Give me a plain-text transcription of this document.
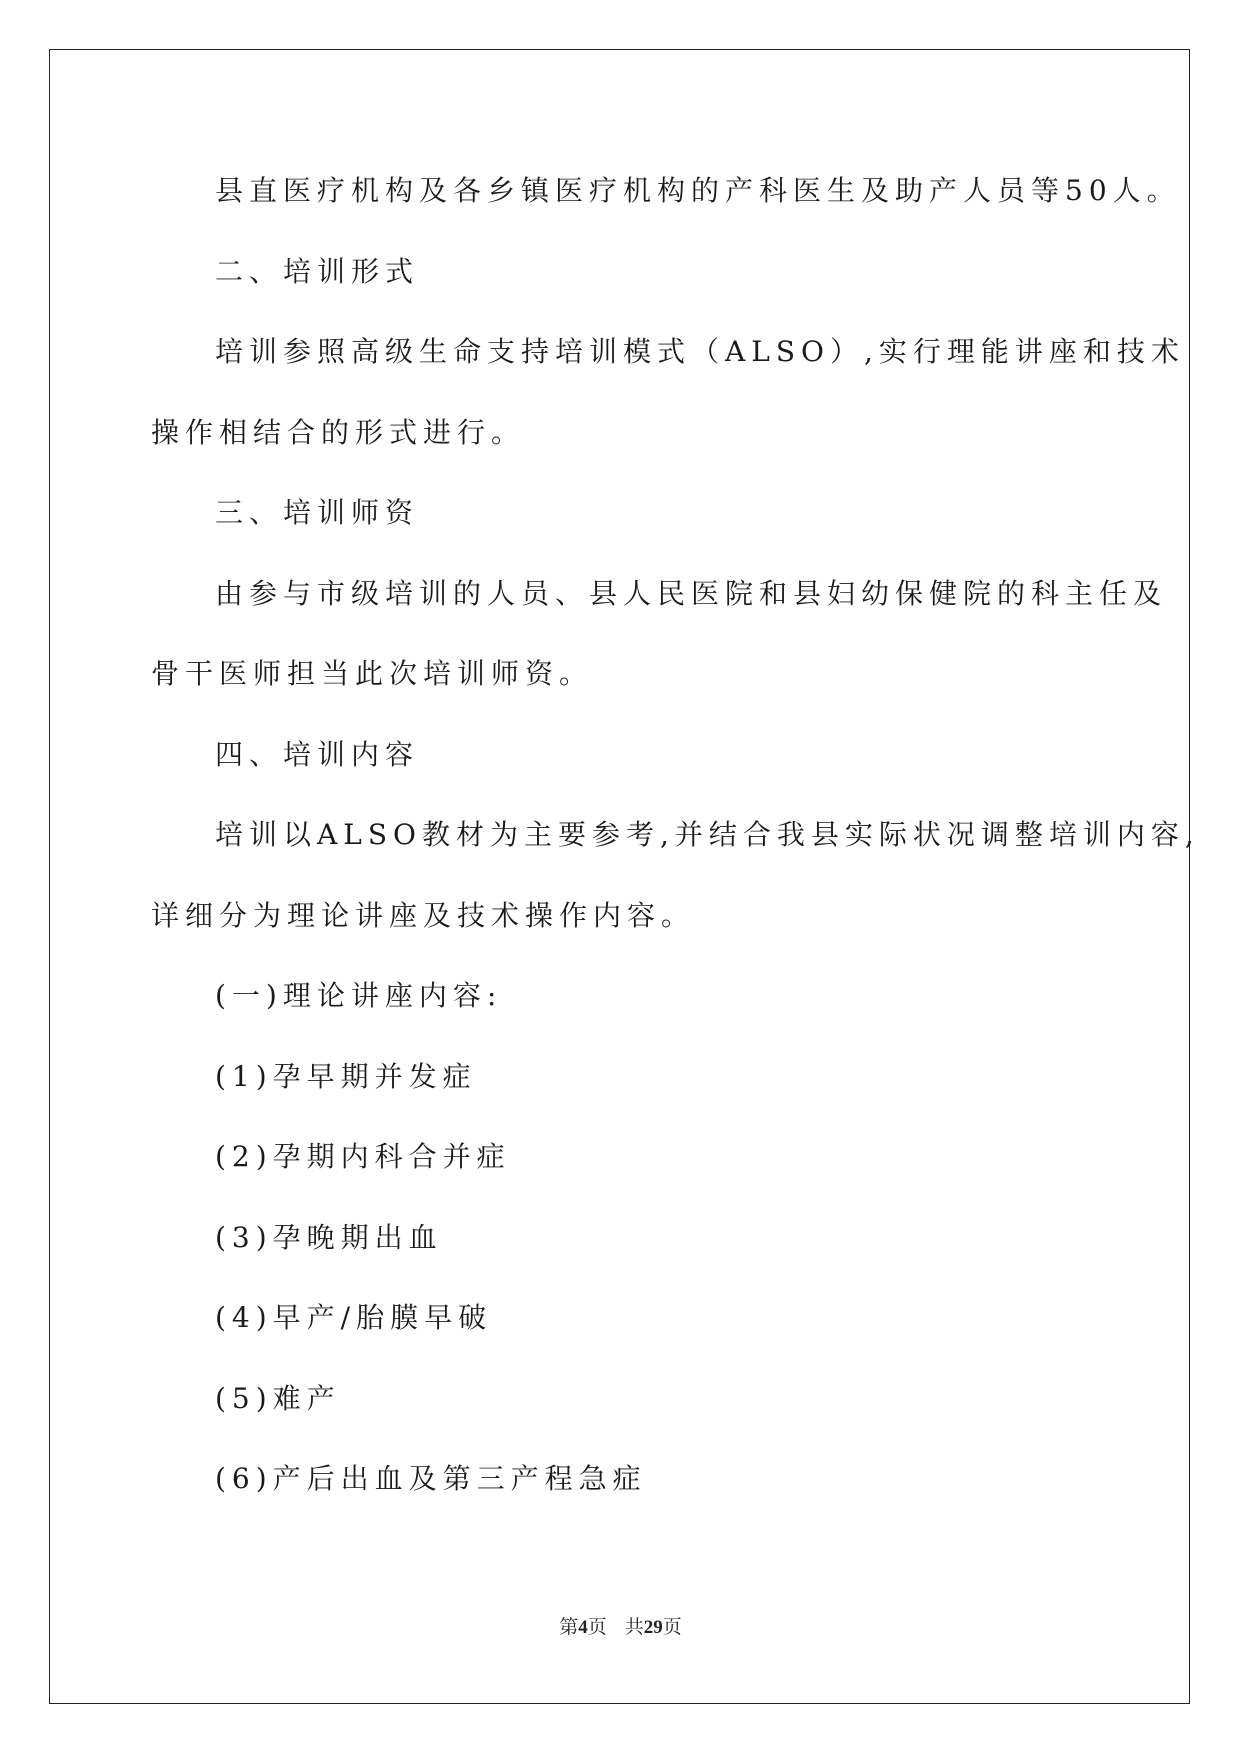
县直医疗机构及各乡镇医疗机构的产科医生及助产人员等50人。
二、培训形式
培训参照高级生命支持培训模式（ALSO）,实行理能讲座和技术
操作相结合的形式进行。
三、培训师资
由参与市级培训的人员、县人民医院和县妇幼保健院的科主任及
骨干医师担当此次培训师资。
四、培训内容
培训以ALSO教材为主要参考,并结合我县实际状况调整培训内容,
详细分为理论讲座及技术操作内容。
(一)理论讲座内容:
(1)孕早期并发症
(2)孕期内科合并症
(3)孕晚期出血
(4)早产/胎膜早破
(5)难产
(6)产后出血及第三产程急症
第4页 共29页
